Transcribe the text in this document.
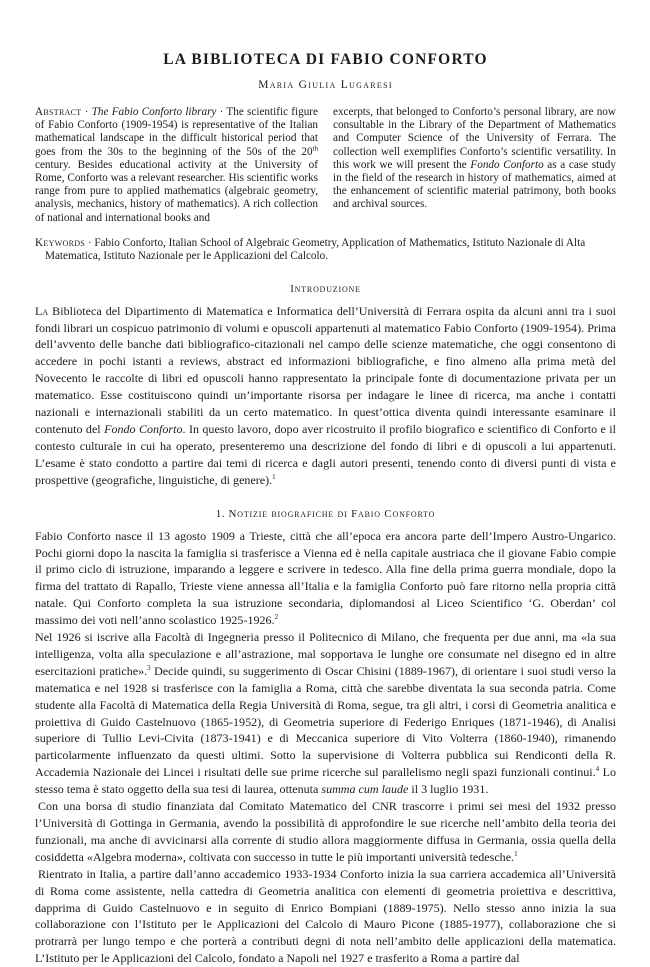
LA BIBLIOTECA DI FABIO CONFORTO
Maria Giulia Lugaresi
Abstract · The Fabio Conforto library · The scientific figure of Fabio Conforto (1909-1954) is representative of the Italian mathematical landscape in the difficult historical period that goes from the 30s to the beginning of the 50s of the 20th century. Besides educational activity at the University of Rome, Conforto was a relevant researcher. His scientific works range from pure to applied mathematics (algebraic geometry, analysis, mechanics, history of mathematics). A rich collection of national and international books and
excerpts, that belonged to Conforto’s personal library, are now consultable in the Library of the Department of Mathematics and Computer Science of the University of Ferrara. The collection well exemplifies Conforto’s scientific versatility. In this work we will present the Fondo Conforto as a case study in the field of the research in history of mathematics, aimed at the enhancement of scientific material patrimony, both books and archival sources.
Keywords · Fabio Conforto, Italian School of Algebraic Geometry, Application of Mathematics, Istituto Nazionale di Alta Matematica, Istituto Nazionale per le Applicazioni del Calcolo.
Introduzione

La Biblioteca del Dipartimento di Matematica e Informatica dell’Università di Ferrara ospita da alcuni anni tra i suoi fondi librari un cospicuo patrimonio di volumi e opuscoli appartenuti al matematico Fabio Conforto (1909-1954). Prima dell’avvento delle banche dati bibliografico-citazionali nel campo delle scienze matematiche, che oggi consentono di accedere in pochi istanti a reviews, abstract ed informazioni bibliografiche, e fino almeno alla prima metà del Novecento le raccolte di libri ed opuscoli hanno rappresentato la principale fonte di documentazione privata per un matematico. Esse costituiscono quindi un’importante risorsa per indagare le linee di ricerca, ma anche i contatti nazionali e internazionali stabiliti da un certo matematico. In quest’ottica diventa quindi interessante esaminare il contenuto del Fondo Conforto. In questo lavoro, dopo aver ricostruito il profilo biografico e scientifico di Conforto e il contesto culturale in cui ha operato, presenteremo una descrizione del fondo di libri e di opuscoli a lui appartenuti. L’esame è stato condotto a partire dai temi di ricerca e dagli autori presenti, tenendo conto di diversi punti di vista e prospettive (geografiche, linguistiche, di genere).$^1$

1. Notizie biografiche di Fabio Conforto

Fabio Conforto nasce il 13 agosto 1909 a Trieste, città che all’epoca era ancora parte dell’Impero Austro-Ungarico. Pochi giorni dopo la nascita la famiglia si trasferisce a Vienna ed è nella capitale austriaca che il giovane Fabio compie il primo ciclo di istruzione, imparando a leggere e scrivere in tedesco. Alla fine della prima guerra mondiale, dopo la firma del trattato di Rapallo, Trieste viene annessa all’Italia e la famiglia Conforto può fare ritorno nella propria città natale. Qui Conforto completa la sua istruzione secondaria, diplomandosi al Liceo Scientifico ‘G. Oberdan’ col massimo dei voti nell’anno scolastico 1925-1926.$^2$

Nel 1926 si iscrive alla Facoltà di Ingegneria presso il Politecnico di Milano, che frequenta per due anni, ma «la sua intelligenza, volta alla speculazione e all’astrazione, mal sopportava le lunghe ore consumate nel disegno ed in altre esercitazioni pratiche».$^3$ Decide quindi, su suggerimento di Oscar Chisini (1889-1967), di orientare i suoi studi verso la matematica e nel 1928 si trasferisce con la famiglia a Roma, città che sarebbe diventata la sua seconda patria. Come studente alla Facoltà di Matematica della Regia Università di Roma, segue, tra gli altri, i corsi di Geometria analitica e proiettiva di Guido Castelnuovo (1865-1952), di Geometria superiore di Federigo Enriques (1871-1946), di Analisi superiore di Tullio Levi-Civita (1873-1941) e di Meccanica superiore di Vito Volterra (1860-1940), rimanendo particolarmente influenzato da questi ultimi. Sotto la supervisione di Volterra pubblica sui Rendiconti della R. Accademia Nazionale dei Lincei i risultati delle sue prime ricerche sul parallelismo negli spazi funzionali continui.$^4$ Lo stesso tema è stato oggetto della sua tesi di laurea, ottenuta summa cum laude il 3 luglio 1931.

Con una borsa di studio finanziata dal Comitato Matematico del CNR trascorre i primi sei mesi del 1932 presso l’Università di Gottinga in Germania, avendo la possibilità di approfondire le sue ricerche nell’ambito della teoria dei funzionali, ma anche di avvicinarsi alla corrente di studio allora maggiormente diffusa in Germania, ossia quella della cosiddetta «Algebra moderna», coltivata con successo in tutte le più importanti università tedesche.$^1$

Rientrato in Italia, a partire dall’anno accademico 1933-1934 Conforto inizia la sua carriera accademica all’Università di Roma come assistente, nella cattedra di Geometria analitica con elementi di geometria proiettiva e descrittiva, dapprima di Guido Castelnuovo e in seguito di Enrico Bompiani (1889-1975). Nello stesso anno inizia la sua collaborazione con l’Istituto per le Applicazioni del Calcolo di Mauro Picone (1885-1977), collaborazione che si protrarrà per lungo tempo e che porterà a contributi degni di nota nell’ambito delle applicazioni della matematica. L’Istituto per le Applicazioni del Calcolo, fondato a Napoli nel 1927 e trasferito a Roma a partire dal
